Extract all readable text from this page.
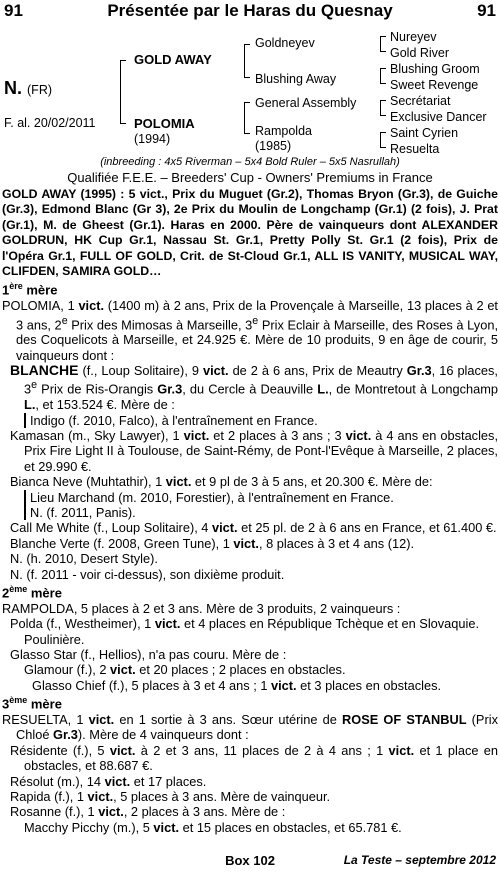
91	Présentée par le Haras du Quesnay	91
N. (FR)
F. al. 20/02/2011
GOLD AWAY
POLOMIA
(1994)
Goldneyev
Blushing Away
General Assembly
Rampolda
(1985)
Nureyev
Gold River
Blushing Groom
Sweet Revenge
Secrétariat
Exclusive Dancer
Saint Cyrien
Resuelta
(inbreeding : 4x5 Riverman – 5x4 Bold Ruler – 5x5 Nasrullah)
Qualifiée F.E.E. – Breeders' Cup - Owners' Premiums in France

GOLD AWAY (1995) : 5 vict., Prix du Muguet (Gr.2), Thomas Bryon (Gr.3), de Guiche (Gr.3), Edmond Blanc (Gr 3), 2e Prix du Moulin de Longchamp (Gr.1) (2 fois), J. Prat (Gr.1), M. de Gheest (Gr.1). Haras en 2000. Père de vainqueurs dont ALEXANDER GOLDRUN, HK Cup Gr.1, Nassau St. Gr.1, Pretty Polly St. Gr.1 (2 fois), Prix de l'Opéra Gr.1, FULL OF GOLD, Crit. de St-Cloud Gr.1, ALL IS VANITY, MUSICAL WAY, CLIFDEN, SAMIRA GOLD…

1ère mère

POLOMIA, 1 vict. (1400 m) à 2 ans, Prix de la Provençale à Marseille, 13 places à 2 et 3 ans, 2e Prix des Mimosas à Marseille, 3e Prix Eclair à Marseille, des Roses à Lyon, des Coquelicots à Marseille, et 24.925 €. Mère de 10 produits, 9 en âge de courir, 5 vainqueurs dont :

BLANCHE (f., Loup Solitaire), 9 vict. de 2 à 6 ans, Prix de Meautry Gr.3, 16 places, 3e Prix de Ris-Orangis Gr.3, du Cercle à Deauville L., de Montretout à Longchamp L., et 153.524 €. Mère de :

Indigo (f. 2010, Falco), à l'entraînement en France.

Kamasan (m., Sky Lawyer), 1 vict. et 2 places à 3 ans ; 3 vict. à 4 ans en obstacles, Prix Fire Light II à Toulouse, de Saint-Rémy, de Pont-l'Evêque à Marseille, 2 places, et 29.990 €.

Bianca Neve (Muhtathir), 1 vict. et 9 pl de 3 à 5 ans, et 20.300 €. Mère de:

Lieu Marchand (m. 2010, Forestier), à l'entraînement en France.

N. (f. 2011, Panis).

Call Me White (f., Loup Solitaire), 4 vict. et 25 pl. de 2 à 6 ans en France, et 61.400 €.

Blanche Verte (f. 2008, Green Tune), 1 vict., 8 places à 3 et 4 ans (12).

N. (h. 2010, Desert Style).

N. (f. 2011 - voir ci-dessus), son dixième produit.

2ème mère

RAMPOLDA, 5 places à 2 et 3 ans. Mère de 3 produits, 2 vainqueurs :

Polda (f., Westheimer), 1 vict. et 4 places en République Tchèque et en Slovaquie. Poulinière.

Glasso Star (f., Hellios), n'a pas couru. Mère de :

Glamour (f.), 2 vict. et 20 places ; 2 places en obstacles.

Glasso Chief (f.), 5 places à 3 et 4 ans ; 1 vict. et 3 places en obstacles.

3ème mère

RESUELTA, 1 vict. en 1 sortie à 3 ans. Sœur utérine de ROSE OF STANBUL (Prix Chloé Gr.3). Mère de 4 vainqueurs dont :

Résidente (f.), 5 vict. à 2 et 3 ans, 11 places de 2 à 4 ans ; 1 vict. et 1 place en obstacles, et 88.687 €.

Résolut (m.), 14 vict. et 17 places.

Rapida (f.), 1 vict., 5 places à 3 ans. Mère de vainqueur.

Rosanne (f.), 1 vict., 2 places à 3 ans. Mère de :

Macchy Picchy (m.), 5 vict. et 15 places en obstacles, et 65.781 €.

Box 102	La Teste – septembre 2012
